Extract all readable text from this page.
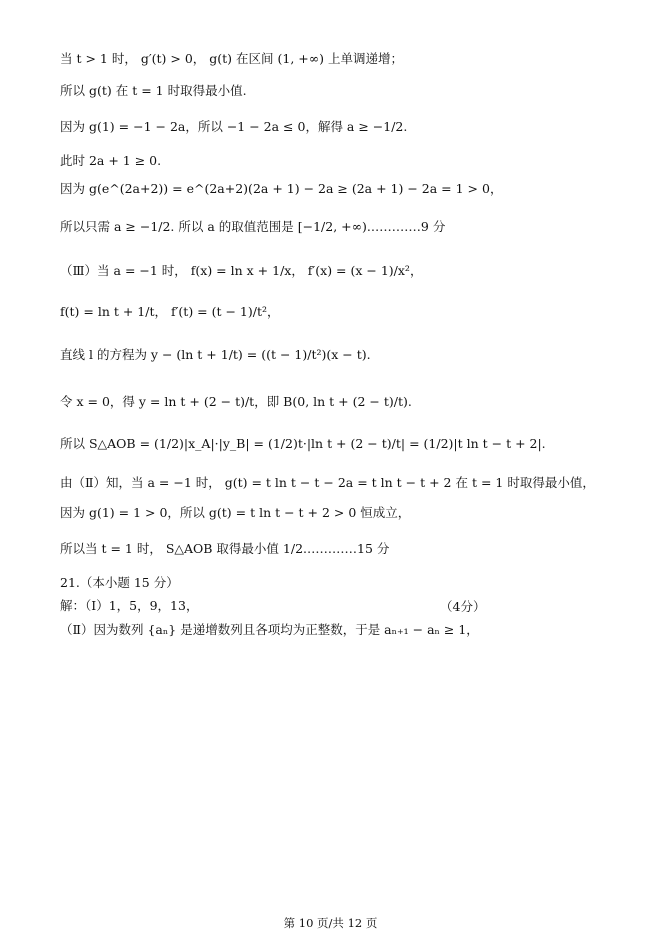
当 t > 1 时， g′(t) > 0， g(t) 在区间 (1, +∞) 上单调递增；
所以 g(t) 在 t = 1 时取得最小值.
因为 g(1) = −1 − 2a，所以 −1 − 2a ≤ 0，解得 a ≥ −1/2.
此时 2a + 1 ≥ 0.
因为 g(e^(2a+2)) = e^(2a+2)(2a + 1) − 2a ≥ (2a + 1) − 2a = 1 > 0，
所以只需 a ≥ −1/2. 所以 a 的取值范围是 [−1/2, +∞).…………9 分
（Ⅲ）当 a = −1 时， f(x) = ln x + 1/x， f′(x) = (x − 1)/x²，
f(t) = ln t + 1/t， f′(t) = (t − 1)/t²，
直线 l 的方程为 y − (ln t + 1/t) = ((t − 1)/t²)(x − t).
令 x = 0，得 y = ln t + (2 − t)/t，即 B(0, ln t + (2 − t)/t).
所以 S△AOB = (1/2)|x_A|·|y_B| = (1/2)t·|ln t + (2 − t)/t| = (1/2)|t ln t − t + 2|.
由（Ⅱ）知，当 a = −1 时， g(t) = t ln t − t − 2a = t ln t − t + 2 在 t = 1 时取得最小值，
因为 g(1) = 1 > 0，所以 g(t) = t ln t − t + 2 > 0 恒成立，
所以当 t = 1 时， S△AOB 取得最小值 1/2.…………15 分
21.（本小题 15 分）
解：（Ⅰ）1，5，9，13，	（4分）
（Ⅱ）因为数列 {aₙ} 是递增数列且各项均为正整数，于是 aₙ₊₁ − aₙ ≥ 1，
第 10 页/共 12 页
